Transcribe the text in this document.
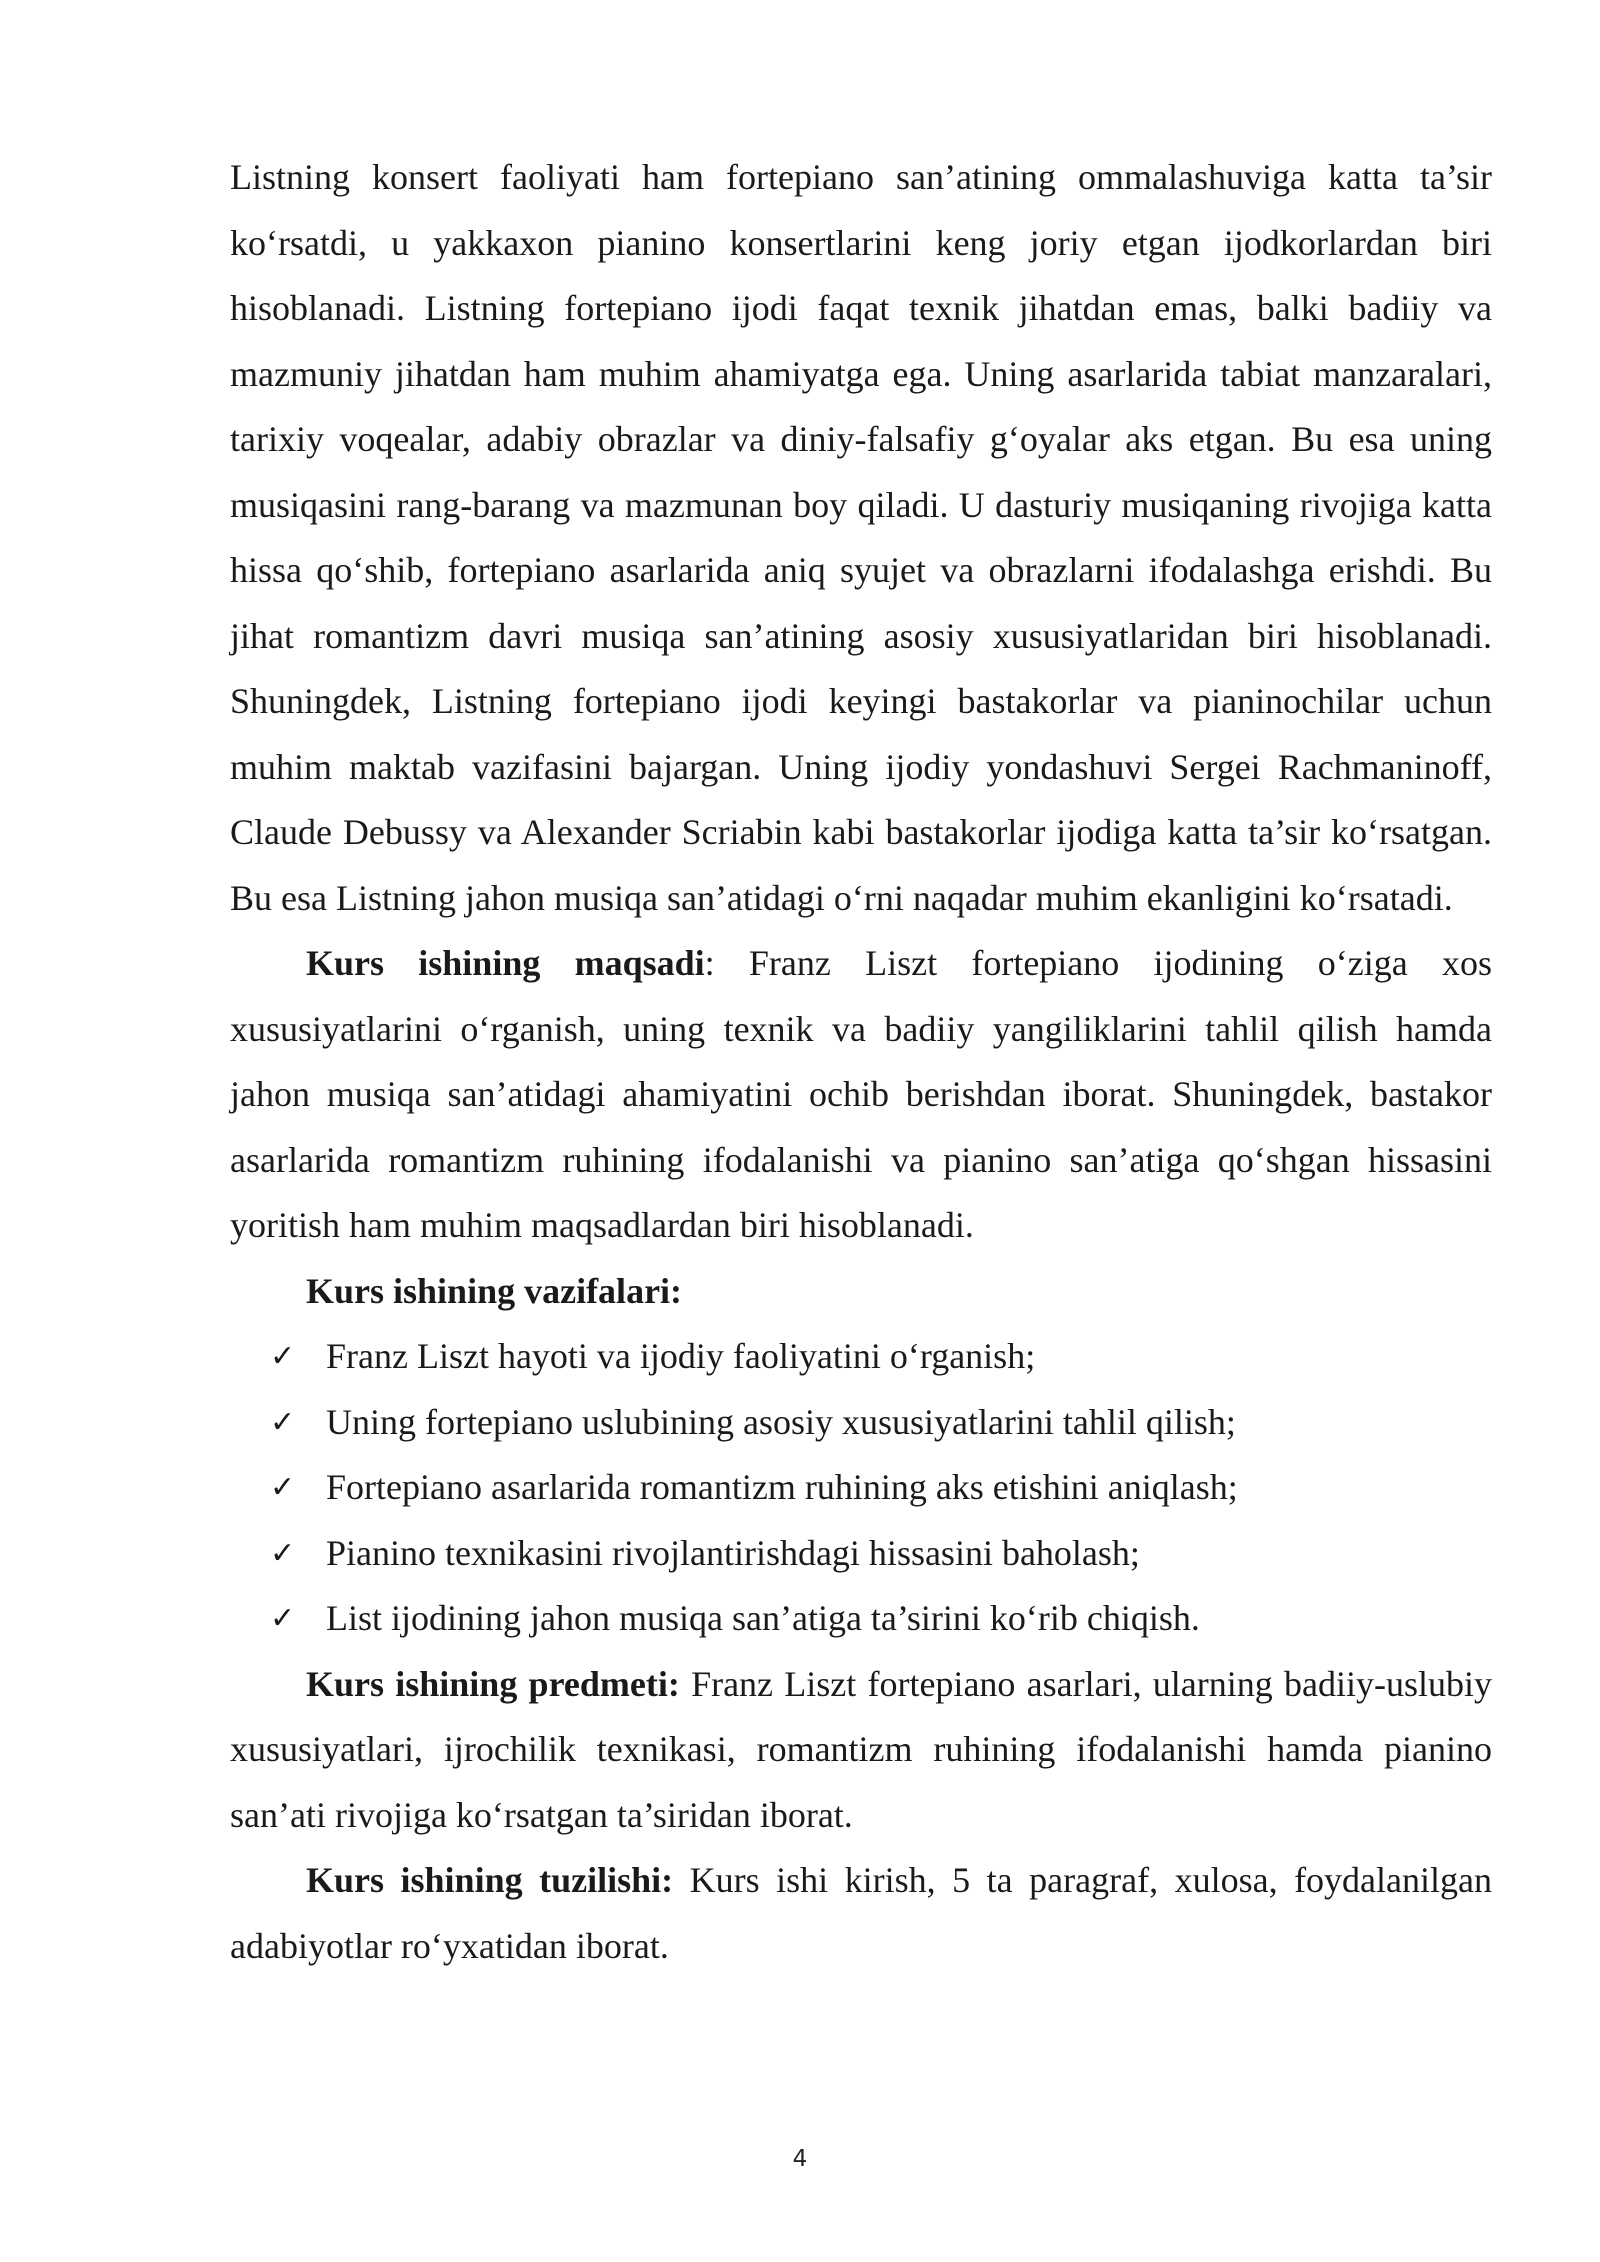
Listning konsert faoliyati ham fortepiano san’atining ommalashuviga katta ta’sir ko‘rsatdi, u yakkaxon pianino konsertlarini keng joriy etgan ijodkorlardan biri hisoblanadi. Listning fortepiano ijodi faqat texnik jihatdan emas, balki badiiy va mazmuniy jihatdan ham muhim ahamiyatga ega. Uning asarlarida tabiat manzaralari, tarixiy voqealar, adabiy obrazlar va diniy-falsafiy g‘oyalar aks etgan. Bu esa uning musiqasini rang-barang va mazmunan boy qiladi. U dasturiy musiqaning rivojiga katta hissa qo‘shib, fortepiano asarlarida aniq syujet va obrazlarni ifodalashga erishdi. Bu jihat romantizm davri musiqa san’atining asosiy xususiyatlaridan biri hisoblanadi. Shuningdek, Listning fortepiano ijodi keyingi bastakorlar va pianinochilar uchun muhim maktab vazifasini bajargan. Uning ijodiy yondashuvi Sergei Rachmaninoff, Claude Debussy va Alexander Scriabin kabi bastakorlar ijodiga katta ta’sir ko‘rsatgan. Bu esa Listning jahon musiqa san’atidagi o‘rni naqadar muhim ekanligini ko‘rsatadi.

Kurs ishining maqsadi: Franz Liszt fortepiano ijodining o‘ziga xos xususiyatlarini o‘rganish, uning texnik va badiiy yangiliklarini tahlil qilish hamda jahon musiqa san’atidagi ahamiyatini ochib berishdan iborat. Shuningdek, bastakor asarlarida romantizm ruhining ifodalanishi va pianino san’atiga qo‘shgan hissasini yoritish ham muhim maqsadlardan biri hisoblanadi.

Kurs ishining vazifalari:

✓ Franz Liszt hayoti va ijodiy faoliyatini o‘rganish;
✓ Uning fortepiano uslubining asosiy xususiyatlarini tahlil qilish;
✓ Fortepiano asarlarida romantizm ruhining aks etishini aniqlash;
✓ Pianino texnikasini rivojlantirishdagi hissasini baholash;
✓ List ijodining jahon musiqa san’atiga ta’sirini ko‘rib chiqish.

Kurs ishining predmeti: Franz Liszt fortepiano asarlari, ularning badiiy-uslubiy xususiyatlari, ijrochilik texnikasi, romantizm ruhining ifodalanishi hamda pianino san’ati rivojiga ko‘rsatgan ta’siridan iborat.

Kurs ishining tuzilishi: Kurs ishi kirish, 5 ta paragraf, xulosa, foydalanilgan adabiyotlar ro‘yxatidan iborat.

4
